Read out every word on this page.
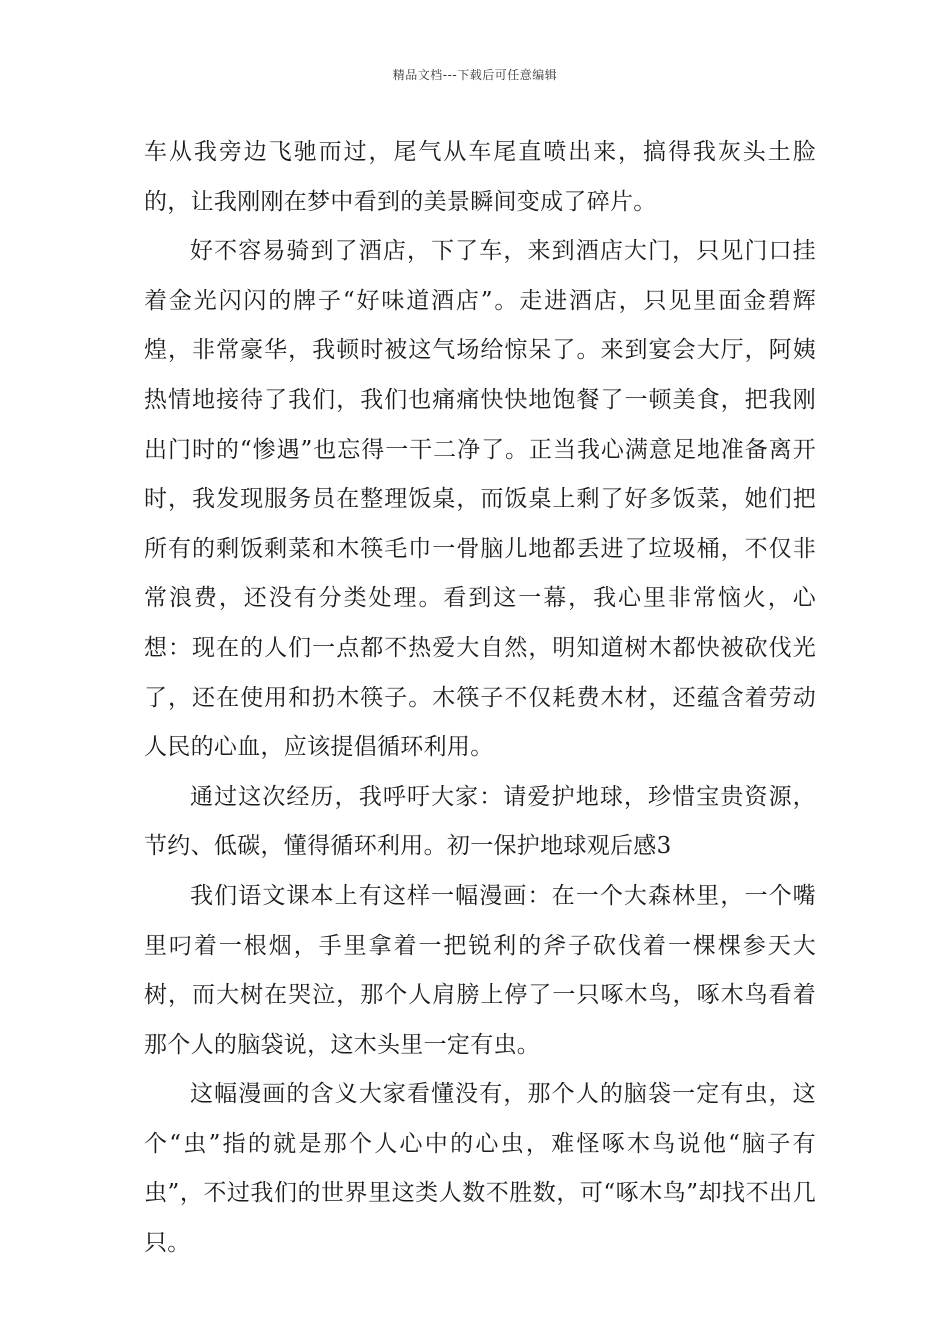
精品文档---下载后可任意编辑

车从我旁边飞驰而过，尾气从车尾直喷出来，搞得我灰头土脸的，让我刚刚在梦中看到的美景瞬间变成了碎片。

好不容易骑到了酒店，下了车，来到酒店大门，只见门口挂着金光闪闪的牌子“好味道酒店”。走进酒店，只见里面金碧辉煌，非常豪华，我顿时被这气场给惊呆了。来到宴会大厅，阿姨热情地接待了我们，我们也痛痛快快地饱餐了一顿美食，把我刚出门时的“惨遇”也忘得一干二净了。正当我心满意足地准备离开时，我发现服务员在整理饭桌，而饭桌上剩了好多饭菜，她们把所有的剩饭剩菜和木筷毛巾一骨脑儿地都丢进了垃圾桶，不仅非常浪费，还没有分类处理。看到这一幕，我心里非常恼火，心想：现在的人们一点都不热爱大自然，明知道树木都快被砍伐光了，还在使用和扔木筷子。木筷子不仅耗费木材，还蕴含着劳动人民的心血，应该提倡循环利用。

通过这次经历，我呼吁大家：请爱护地球，珍惜宝贵资源，节约、低碳，懂得循环利用。初一保护地球观后感3

我们语文课本上有这样一幅漫画：在一个大森林里，一个嘴里叼着一根烟，手里拿着一把锐利的斧子砍伐着一棵棵参天大树，而大树在哭泣，那个人肩膀上停了一只啄木鸟，啄木鸟看着那个人的脑袋说，这木头里一定有虫。

这幅漫画的含义大家看懂没有，那个人的脑袋一定有虫，这个“虫”指的就是那个人心中的心虫，难怪啄木鸟说他“脑子有虫”，不过我们的世界里这类人数不胜数，可“啄木鸟”却找不出几只。
